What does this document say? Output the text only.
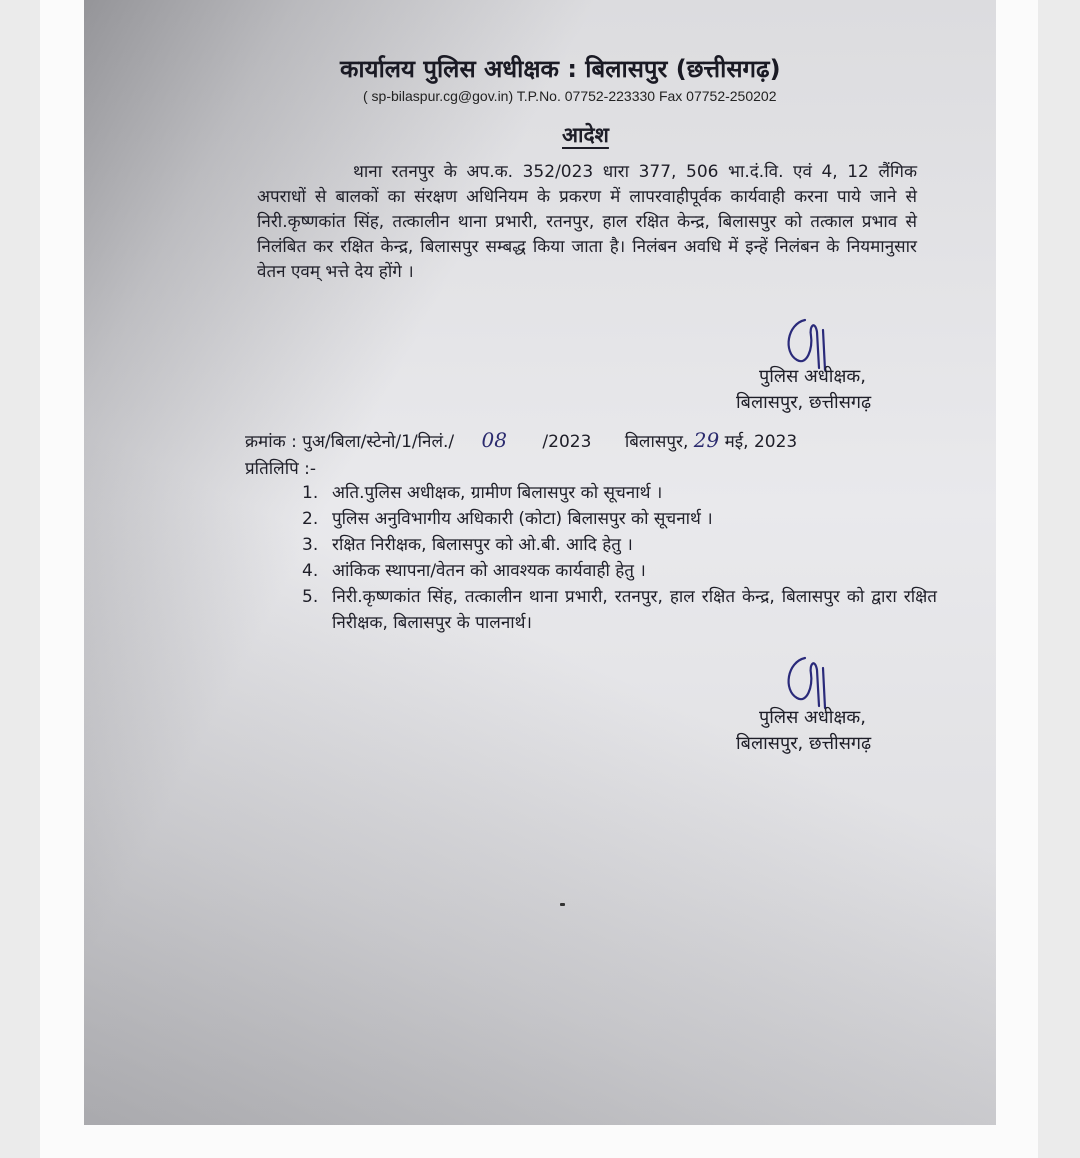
कार्यालय पुलिस अधीक्षक : बिलासपुर (छत्तीसगढ़)
( sp-bilaspur.cg@gov.in) T.P.No. 07752-223330 Fax 07752-250202
आदेश
थाना रतनपुर के अप.क. 352/023 धारा 377, 506 भा.दं.वि. एवं 4, 12 लैंगिक अपराधों से बालकों का संरक्षण अधिनियम के प्रकरण में लापरवाहीपूर्वक कार्यवाही करना पाये जाने से निरी.कृष्णकांत सिंह, तत्कालीन थाना प्रभारी, रतनपुर, हाल रक्षित केन्द्र, बिलासपुर को तत्काल प्रभाव से निलंबित कर रक्षित केन्द्र, बिलासपुर सम्बद्ध किया जाता है। निलंबन अवधि में इन्हें निलंबन के नियमानुसार वेतन एवम् भत्ते देय होंगे ।
पुलिस अधीक्षक,
बिलासपुर, छत्तीसगढ़
क्रमांक : पुअ/बिला/स्टेनो/1/निलं./ 08 /2023 बिलासपुर, 29 मई, 2023
प्रतिलिपि :-
1. अति.पुलिस अधीक्षक, ग्रामीण बिलासपुर को सूचनार्थ ।
2. पुलिस अनुविभागीय अधिकारी (कोटा) बिलासपुर को सूचनार्थ ।
3. रक्षित निरीक्षक, बिलासपुर को ओ.बी. आदि हेतु ।
4. आंकिक स्थापना/वेतन को आवश्यक कार्यवाही हेतु ।
5. निरी.कृष्णकांत सिंह, तत्कालीन थाना प्रभारी, रतनपुर, हाल रक्षित केन्द्र, बिलासपुर को द्वारा रक्षित निरीक्षक, बिलासपुर के पालनार्थ।
पुलिस अधीक्षक,
बिलासपुर, छत्तीसगढ़
